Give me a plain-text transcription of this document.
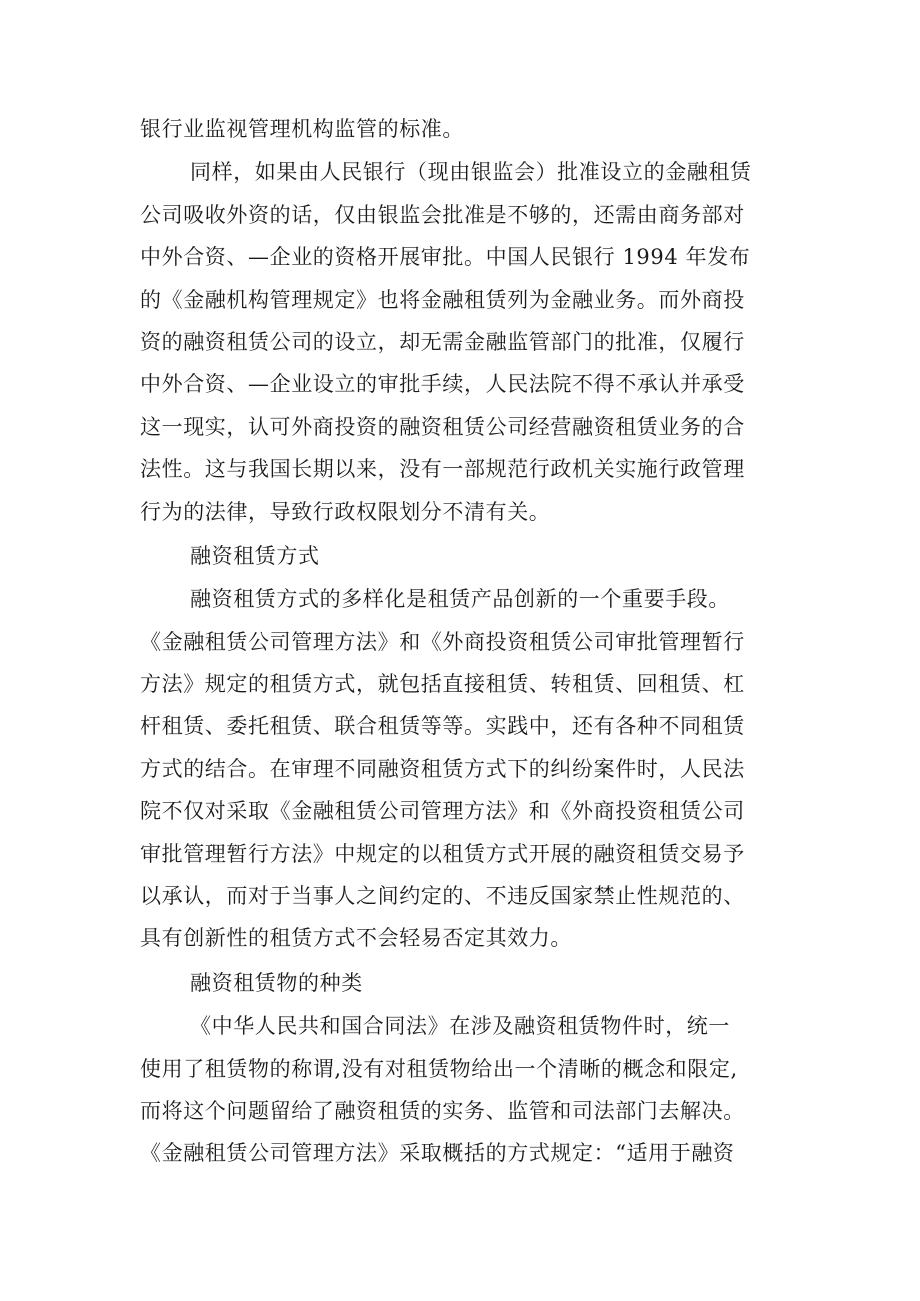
银行业监视管理机构监管的标准。
同样，如果由人民银行（现由银监会）批准设立的金融租赁
公司吸收外资的话，仅由银监会批准是不够的，还需由商务部对
中外合资、—企业的资格开展审批。中国人民银行 1994 年发布
的《金融机构管理规定》也将金融租赁列为金融业务。而外商投
资的融资租赁公司的设立，却无需金融监管部门的批准，仅履行
中外合资、—企业设立的审批手续，人民法院不得不承认并承受
这一现实，认可外商投资的融资租赁公司经营融资租赁业务的合
法性。这与我国长期以来，没有一部规范行政机关实施行政管理
行为的法律，导致行政权限划分不清有关。
融资租赁方式
融资租赁方式的多样化是租赁产品创新的一个重要手段。
《金融租赁公司管理方法》和《外商投资租赁公司审批管理暂行
方法》规定的租赁方式，就包括直接租赁、转租赁、回租赁、杠
杆租赁、委托租赁、联合租赁等等。实践中，还有各种不同租赁
方式的结合。在审理不同融资租赁方式下的纠纷案件时，人民法
院不仅对采取《金融租赁公司管理方法》和《外商投资租赁公司
审批管理暂行方法》中规定的以租赁方式开展的融资租赁交易予
以承认，而对于当事人之间约定的、不违反国家禁止性规范的、
具有创新性的租赁方式不会轻易否定其效力。
融资租赁物的种类
《中华人民共和国合同法》在涉及融资租赁物件时，统一
使用了租赁物的称谓,没有对租赁物给出一个清晰的概念和限定,
而将这个问题留给了融资租赁的实务、监管和司法部门去解决。
《金融租赁公司管理方法》采取概括的方式规定：“适用于融资
